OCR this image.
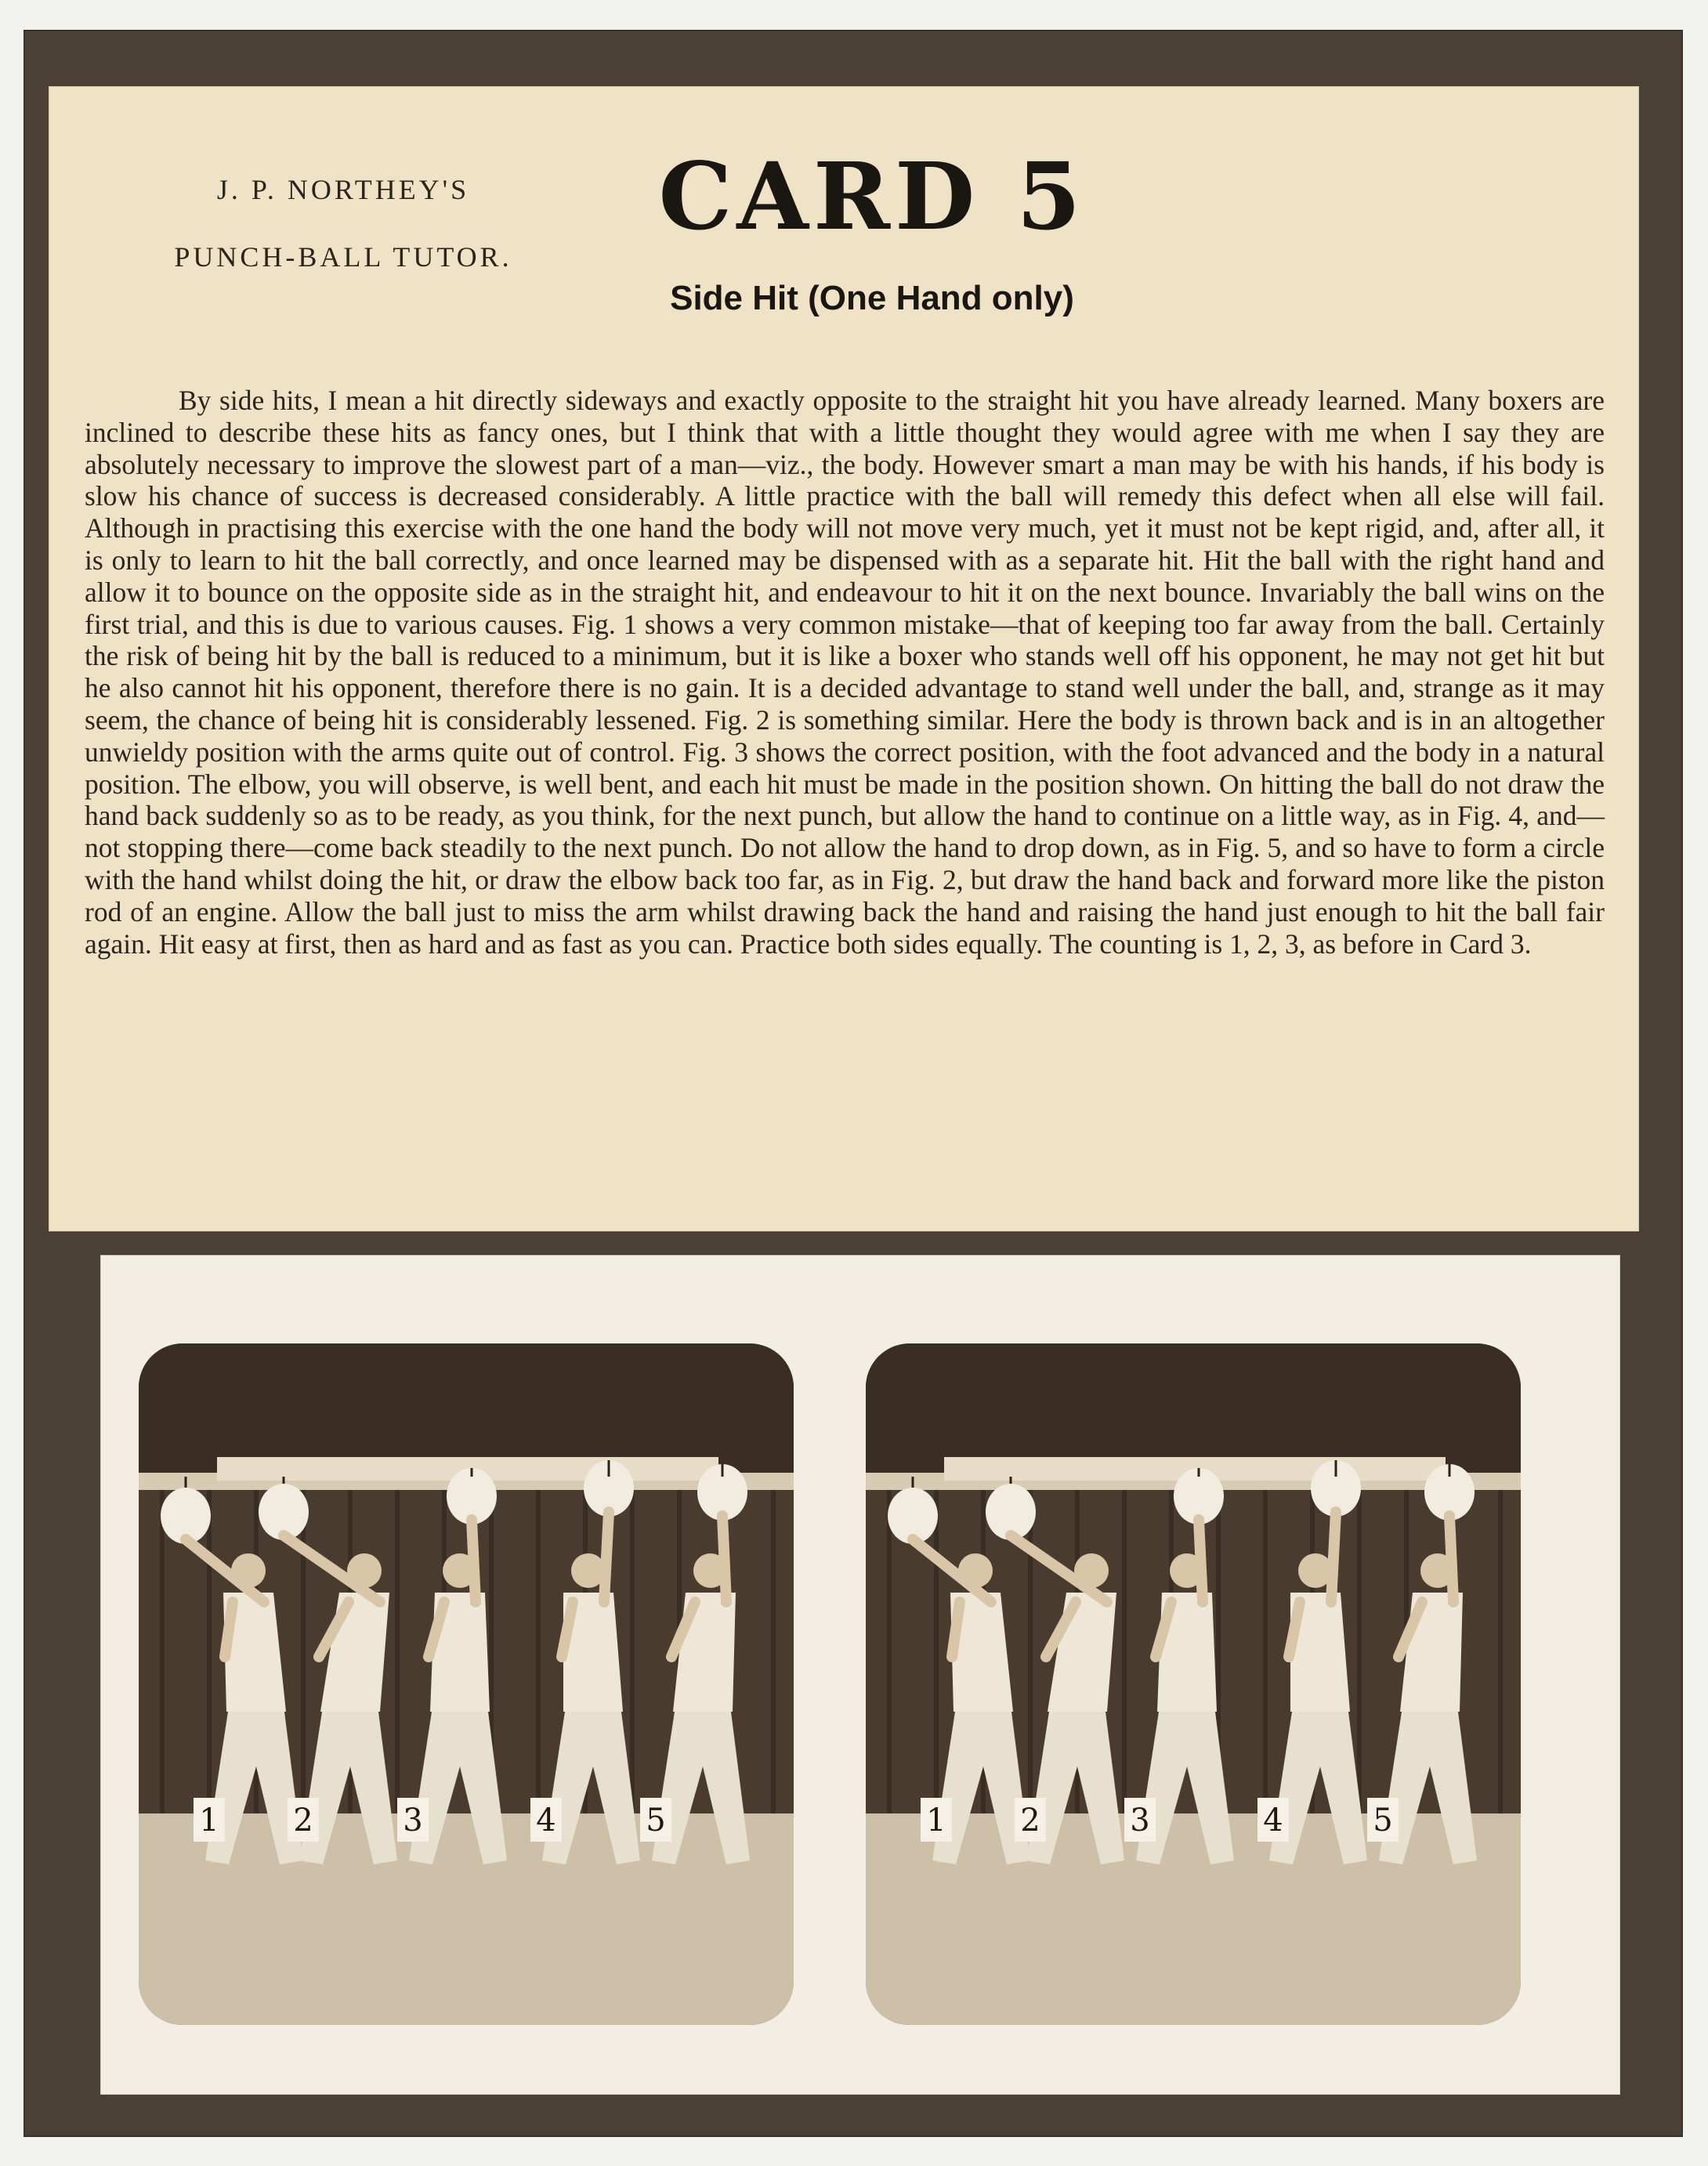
J. P. NORTHEY'S
PUNCH-BALL TUTOR.
CARD 5
Side Hit (One Hand only)

By side hits, I mean a hit directly sideways and exactly opposite to the straight hit you have already learned. Many boxers are inclined to describe these hits as fancy ones, but I think that with a little thought they would agree with me when I say they are absolutely necessary to improve the slowest part of a man—viz., the body. However smart a man may be with his hands, if his body is slow his chance of success is decreased considerably. A little practice with the ball will remedy this defect when all else will fail. Although in practising this exercise with the one hand the body will not move very much, yet it must not be kept rigid, and, after all, it is only to learn to hit the ball correctly, and once learned may be dispensed with as a separate hit. Hit the ball with the right hand and allow it to bounce on the opposite side as in the straight hit, and endeavour to hit it on the next bounce. Invariably the ball wins on the first trial, and this is due to various causes. Fig. 1 shows a very common mistake—that of keeping too far away from the ball. Certainly the risk of being hit by the ball is reduced to a minimum, but it is like a boxer who stands well off his opponent, he may not get hit but he also cannot hit his opponent, therefore there is no gain. It is a decided advantage to stand well under the ball, and, strange as it may seem, the chance of being hit is considerably lessened. Fig. 2 is something similar. Here the body is thrown back and is in an altogether unwieldy position with the arms quite out of control. Fig. 3 shows the correct position, with the foot advanced and the body in a natural position. The elbow, you will observe, is well bent, and each hit must be made in the position shown. On hitting the ball do not draw the hand back suddenly so as to be ready, as you think, for the next punch, but allow the hand to continue on a little way, as in Fig. 4, and—not stopping there—come back steadily to the next punch. Do not allow the hand to drop down, as in Fig. 5, and so have to form a circle with the hand whilst doing the hit, or draw the elbow back too far, as in Fig. 2, but draw the hand back and forward more like the piston rod of an engine. Allow the ball just to miss the arm whilst drawing back the hand and raising the hand just enough to hit the ball fair again. Hit easy at first, then as hard and as fast as you can. Practice both sides equally. The counting is 1, 2, 3, as before in Card 3.

1 2	3	4	5	1 2	3	4	5
